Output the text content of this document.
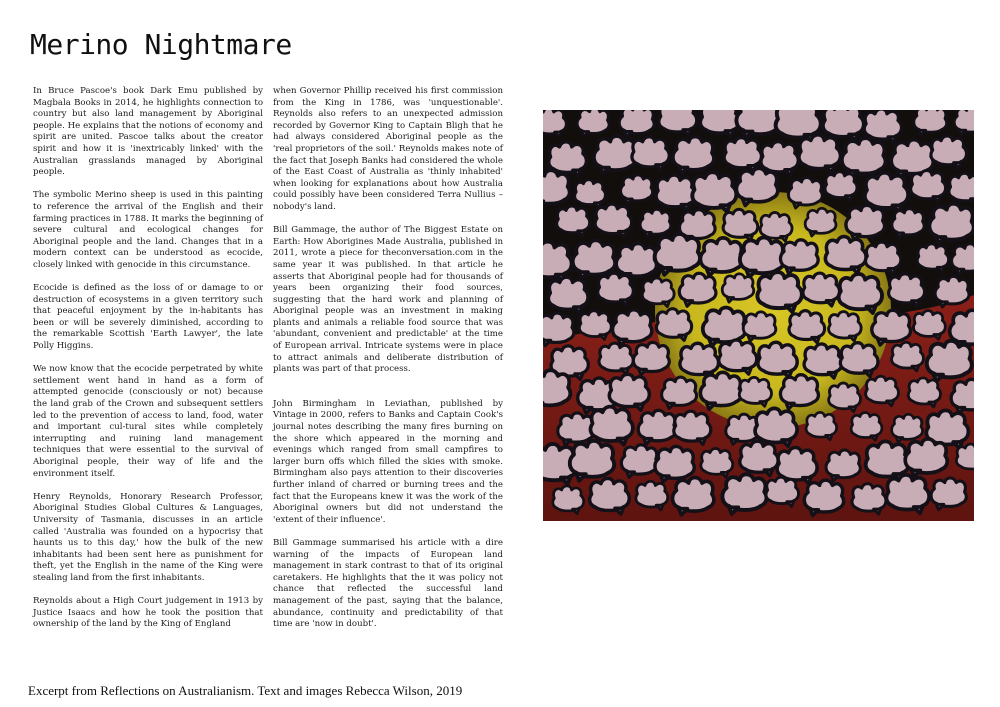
Merino Nightmare

In Bruce Pascoe's book Dark Emu published by Magbala Books in 2014, he highlights connection to country but also land management by Aboriginal people. He explains that the notions of economy and spirit are united. Pascoe talks about the creator spirit and how it is 'inextricably linked' with the Australian grasslands managed by Aboriginal people.

The symbolic Merino sheep is used in this painting to reference the arrival of the English and their farming practices in 1788. It marks the beginning of severe cultural and ecological changes for Aboriginal people and the land. Changes that in a modern context can be understood as ecocide, closely linked with genocide in this circumstance.

Ecocide is defined as the loss of or damage to or destruction of ecosystems in a given territory such that peaceful enjoyment by the in-habitants has been or will be severely diminished, according to the remarkable Scottish 'Earth Lawyer', the late Polly Higgins.

We now know that the ecocide perpetrated by white settlement went hand in hand as a form of attempted genocide (consciously or not) because the land grab of the Crown and subsequent settlers led to the prevention of access to land, food, water and important cul-tural sites while completely interrupting and ruining land management techniques that were essential to the survival of Aboriginal people, their way of life and the environment itself.

Henry Reynolds, Honorary Research Professor, Aboriginal Studies Global Cultures & Languages, University of Tasmania, discusses in an article called 'Australia was founded on a hypocrisy that haunts us to this day,' how the bulk of the new inhabitants had been sent here as punishment for theft, yet the English in the name of the King were stealing land from the first inhabitants.

Reynolds about a High Court judgement in 1913 by Justice Isaacs and how he took the position that ownership of the land by the King of England

when Governor Phillip received his first commission from the King in 1786, was 'unquestionable'. Reynolds also refers to an unexpected admission recorded by Governor King to Captain Bligh that he had always considered Aboriginal people as the 'real proprietors of the soil.' Reynolds makes note of the fact that Joseph Banks had considered the whole of the East Coast of Australia as 'thinly inhabited' when looking for explanations about how Australia could possibly have been considered Terra Nullius – nobody's land.

Bill Gammage, the author of The Biggest Estate on Earth: How Aborigines Made Australia, published in 2011, wrote a piece for theconversation.com in the same year it was published. In that article he asserts that Aboriginal people had for thousands of years been organizing their food sources, suggesting that the hard work and planning of Aboriginal people was an investment in making plants and animals a reliable food source that was 'abundant, convenient and predictable' at the time of European arrival. Intricate systems were in place to attract animals and deliberate distribution of plants was part of that process.

John Birmingham in Leviathan, published by Vintage in 2000, refers to Banks and Captain Cook's journal notes describing the many fires burning on the shore which appeared in the morning and evenings which ranged from small campfires to larger burn offs which filled the skies with smoke. Birmingham also pays attention to their discoveries further inland of charred or burning trees and the fact that the Europeans knew it was the work of the Aboriginal owners but did not understand the 'extent of their influence'.

Bill Gammage summarised his article with a dire warning of the impacts of European land management in stark contrast to that of its original caretakers. He highlights that the it was policy not chance that reflected the successful land management of the past, saying that the balance, abundance, continuity and predictability of that time are 'now in doubt'.

Excerpt from Reflections on Australianism. Text and images Rebecca Wilson, 2019
